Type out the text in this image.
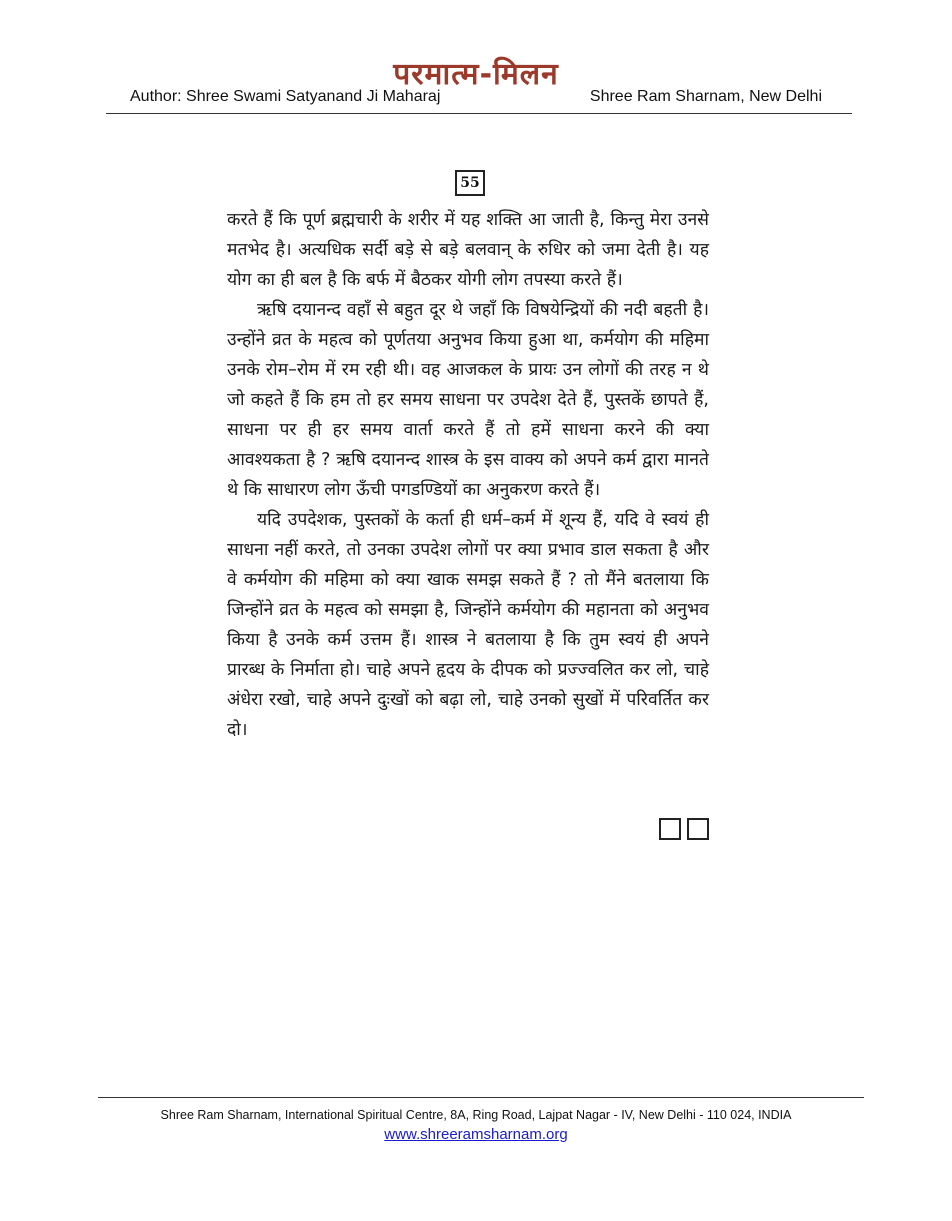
परमात्म-मिलन
Author: Shree Swami Satyanand Ji Maharaj	Shree Ram Sharnam, New Delhi
55

करते हैं कि पूर्ण ब्रह्मचारी के शरीर में यह शक्ति आ जाती है, किन्तु मेरा उनसे मतभेद है। अत्यधिक सर्दी बड़े से बड़े बलवान् के रुधिर को जमा देती है। यह योग का ही बल है कि बर्फ में बैठकर योगी लोग तपस्या करते हैं।

ऋषि दयानन्द वहाँ से बहुत दूर थे जहाँ कि विषयेन्द्रियों की नदी बहती है। उन्होंने व्रत के महत्व को पूर्णतया अनुभव किया हुआ था, कर्मयोग की महिमा उनके रोम–रोम में रम रही थी। वह आजकल के प्रायः उन लोगों की तरह न थे जो कहते हैं कि हम तो हर समय साधना पर उपदेश देते हैं, पुस्तकें छापते हैं, साधना पर ही हर समय वार्ता करते हैं तो हमें साधना करने की क्या आवश्यकता है ? ऋषि दयानन्द शास्त्र के इस वाक्य को अपने कर्म द्वारा मानते थे कि साधारण लोग ऊँची पगडण्डियों का अनुकरण करते हैं।

यदि उपदेशक, पुस्तकों के कर्ता ही धर्म–कर्म में शून्य हैं, यदि वे स्वयं ही साधना नहीं करते, तो उनका उपदेश लोगों पर क्या प्रभाव डाल सकता है और वे कर्मयोग की महिमा को क्या खाक समझ सकते हैं ? तो मैंने बतलाया कि जिन्होंने व्रत के महत्व को समझा है, जिन्होंने कर्मयोग की महानता को अनुभव किया है उनके कर्म उत्तम हैं। शास्त्र ने बतलाया है कि तुम स्वयं ही अपने प्रारब्ध के निर्माता हो। चाहे अपने हृदय के दीपक को प्रज्ज्वलित कर लो, चाहे अंधेरा रखो, चाहे अपने दुःखों को बढ़ा लो, चाहे उनको सुखों में परिवर्तित कर दो।

Shree Ram Sharnam, International Spiritual Centre, 8A, Ring Road, Lajpat Nagar - IV, New Delhi - 110 024, INDIA
www.shreeramsharnam.org
